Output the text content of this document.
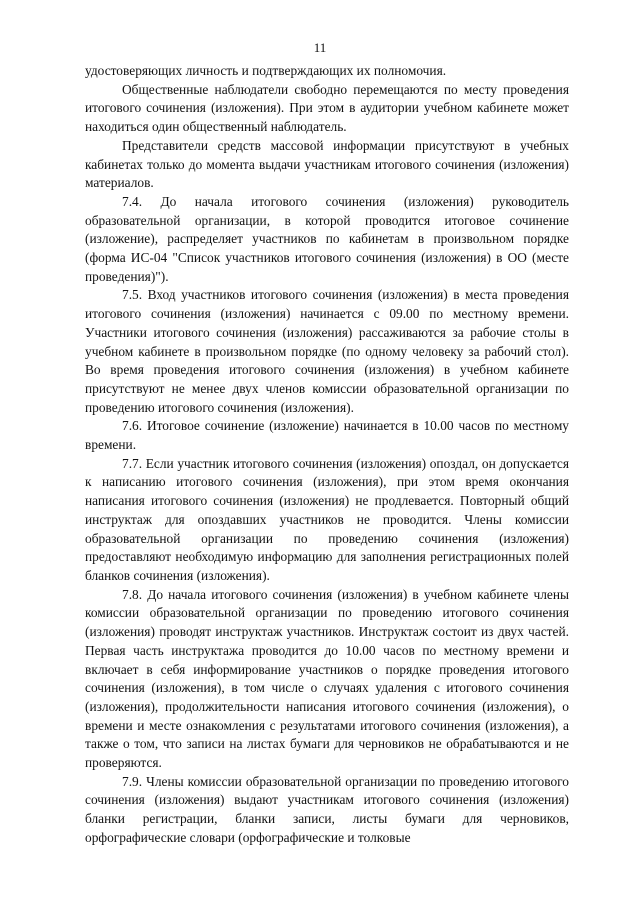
11

удостоверяющих личность и подтверждающих их полномочия.

Общественные наблюдатели свободно перемещаются по месту проведения итогового сочинения (изложения). При этом в аудитории учебном кабинете может находиться один общественный наблюдатель.

Представители средств массовой информации присутствуют в учебных кабинетах только до момента выдачи участникам итогового сочинения (изложения) материалов.

7.4. До начала итогового сочинения (изложения) руководитель образовательной организации, в которой проводится итоговое сочинение (изложение), распределяет участников по кабинетам в произвольном порядке (форма ИС-04 "Список участников итогового сочинения (изложения) в ОО (месте проведения)").

7.5. Вход участников итогового сочинения (изложения) в места проведения итогового сочинения (изложения) начинается с 09.00 по местному времени. Участники итогового сочинения (изложения) рассаживаются за рабочие столы в учебном кабинете в произвольном порядке (по одному человеку за рабочий стол). Во время проведения итогового сочинения (изложения) в учебном кабинете присутствуют не менее двух членов комиссии образовательной организации по проведению итогового сочинения (изложения).

7.6. Итоговое сочинение (изложение) начинается в 10.00 часов по местному времени.

7.7. Если участник итогового сочинения (изложения) опоздал, он допускается к написанию итогового сочинения (изложения), при этом время окончания написания итогового сочинения (изложения) не продлевается. Повторный общий инструктаж для опоздавших участников не проводится. Члены комиссии образовательной организации по проведению сочинения (изложения) предоставляют необходимую информацию для заполнения регистрационных полей бланков сочинения (изложения).

7.8. До начала итогового сочинения (изложения) в учебном кабинете члены комиссии образовательной организации по проведению итогового сочинения (изложения) проводят инструктаж участников. Инструктаж состоит из двух частей. Первая часть инструктажа проводится до 10.00 часов по местному времени и включает в себя информирование участников о порядке проведения итогового сочинения (изложения), в том числе о случаях удаления с итогового сочинения (изложения), продолжительности написания итогового сочинения (изложения), о времени и месте ознакомления с результатами итогового сочинения (изложения), а также о том, что записи на листах бумаги для черновиков не обрабатываются и не проверяются.

7.9. Члены комиссии образовательной организации по проведению итогового сочинения (изложения) выдают участникам итогового сочинения (изложения) бланки регистрации, бланки записи, листы бумаги для черновиков, орфографические словари (орфографические и толковые
